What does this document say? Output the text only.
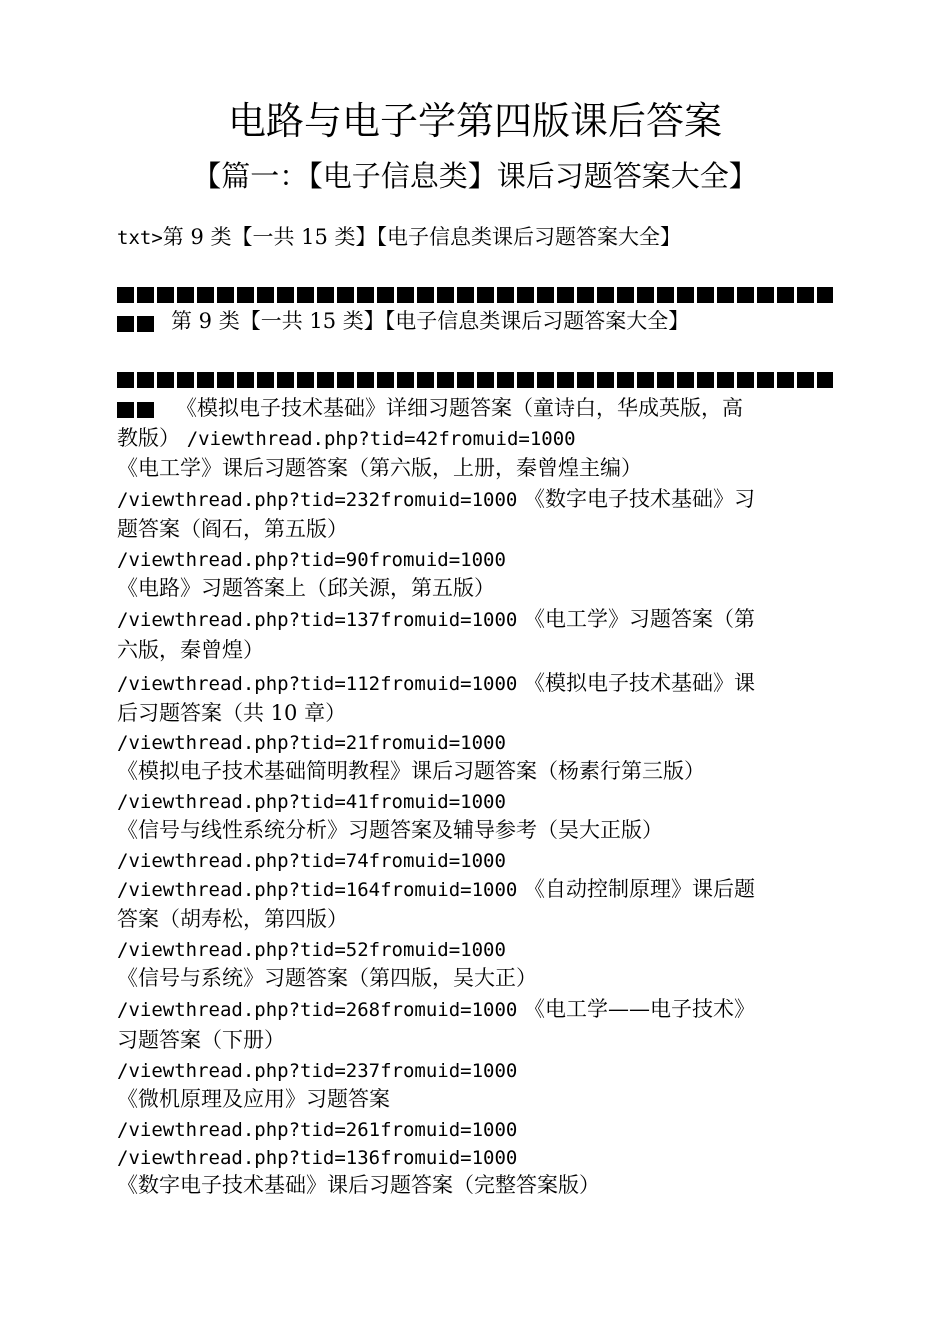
电路与电子学第四版课后答案
【篇一：【电子信息类】课后习题答案大全】
txt>第 9 类【一共 15 类】【电子信息类课后习题答案大全】
第 9 类【一共 15 类】【电子信息类课后习题答案大全】
《模拟电子技术基础》详细习题答案（童诗白，华成英版，高
教版） /viewthread.php?tid=42fromuid=1000
《电工学》课后习题答案（第六版，上册，秦曾煌主编）
/viewthread.php?tid=232fromuid=1000 《数字电子技术基础》习
题答案（阎石，第五版）
/viewthread.php?tid=90fromuid=1000
《电路》习题答案上（邱关源，第五版）
/viewthread.php?tid=137fromuid=1000 《电工学》习题答案（第
六版，秦曾煌）
/viewthread.php?tid=112fromuid=1000 《模拟电子技术基础》课
后习题答案（共 10 章）
/viewthread.php?tid=21fromuid=1000
《模拟电子技术基础简明教程》课后习题答案（杨素行第三版）
/viewthread.php?tid=41fromuid=1000
《信号与线性系统分析》习题答案及辅导参考（吴大正版）
/viewthread.php?tid=74fromuid=1000
/viewthread.php?tid=164fromuid=1000 《自动控制原理》课后题
答案（胡寿松，第四版）
/viewthread.php?tid=52fromuid=1000
《信号与系统》习题答案（第四版，吴大正）
/viewthread.php?tid=268fromuid=1000 《电工学——电子技术》
习题答案（下册）
/viewthread.php?tid=237fromuid=1000
《微机原理及应用》习题答案
/viewthread.php?tid=261fromuid=1000
/viewthread.php?tid=136fromuid=1000
《数字电子技术基础》课后习题答案（完整答案版）
